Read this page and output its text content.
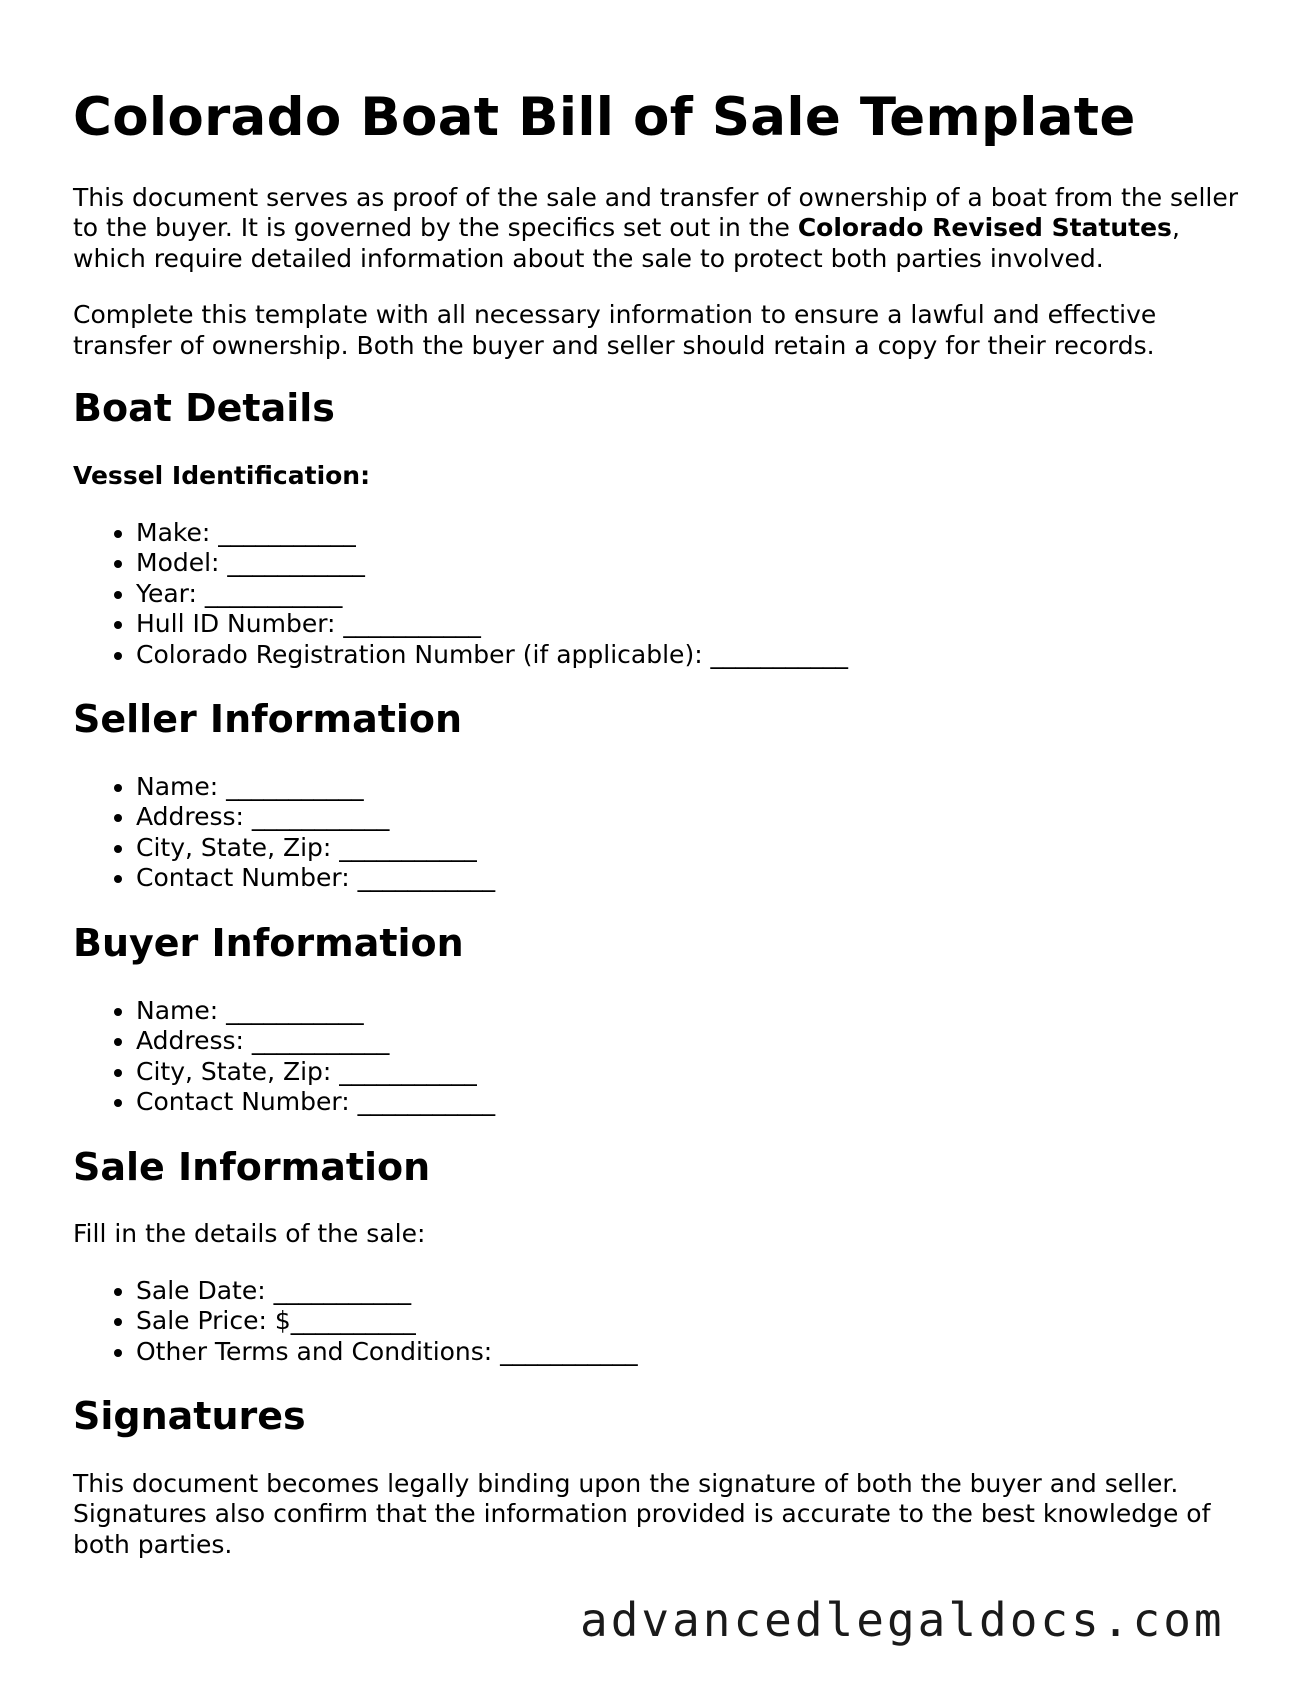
Colorado Boat Bill of Sale Template

This document serves as proof of the sale and transfer of ownership of a boat from the seller to the buyer. It is governed by the specifics set out in the Colorado Revised Statutes, which require detailed information about the sale to protect both parties involved.

Complete this template with all necessary information to ensure a lawful and effective transfer of ownership. Both the buyer and seller should retain a copy for their records.

Boat Details

Vessel Identification:

• Make: ___________
• Model: ___________
• Year: ___________
• Hull ID Number: ___________
• Colorado Registration Number (if applicable): ___________
Seller Information
• Name: ___________
• Address: ___________
• City, State, Zip: ___________
• Contact Number: ___________
Buyer Information
• Name: ___________
• Address: ___________
• City, State, Zip: ___________
• Contact Number: ___________
Sale Information

Fill in the details of the sale:

• Sale Date: ___________
• Sale Price: $__________
• Other Terms and Conditions: ___________
Signatures

This document becomes legally binding upon the signature of both the buyer and seller. Signatures also confirm that the information provided is accurate to the best knowledge of both parties.

advancedlegaldocs.com
